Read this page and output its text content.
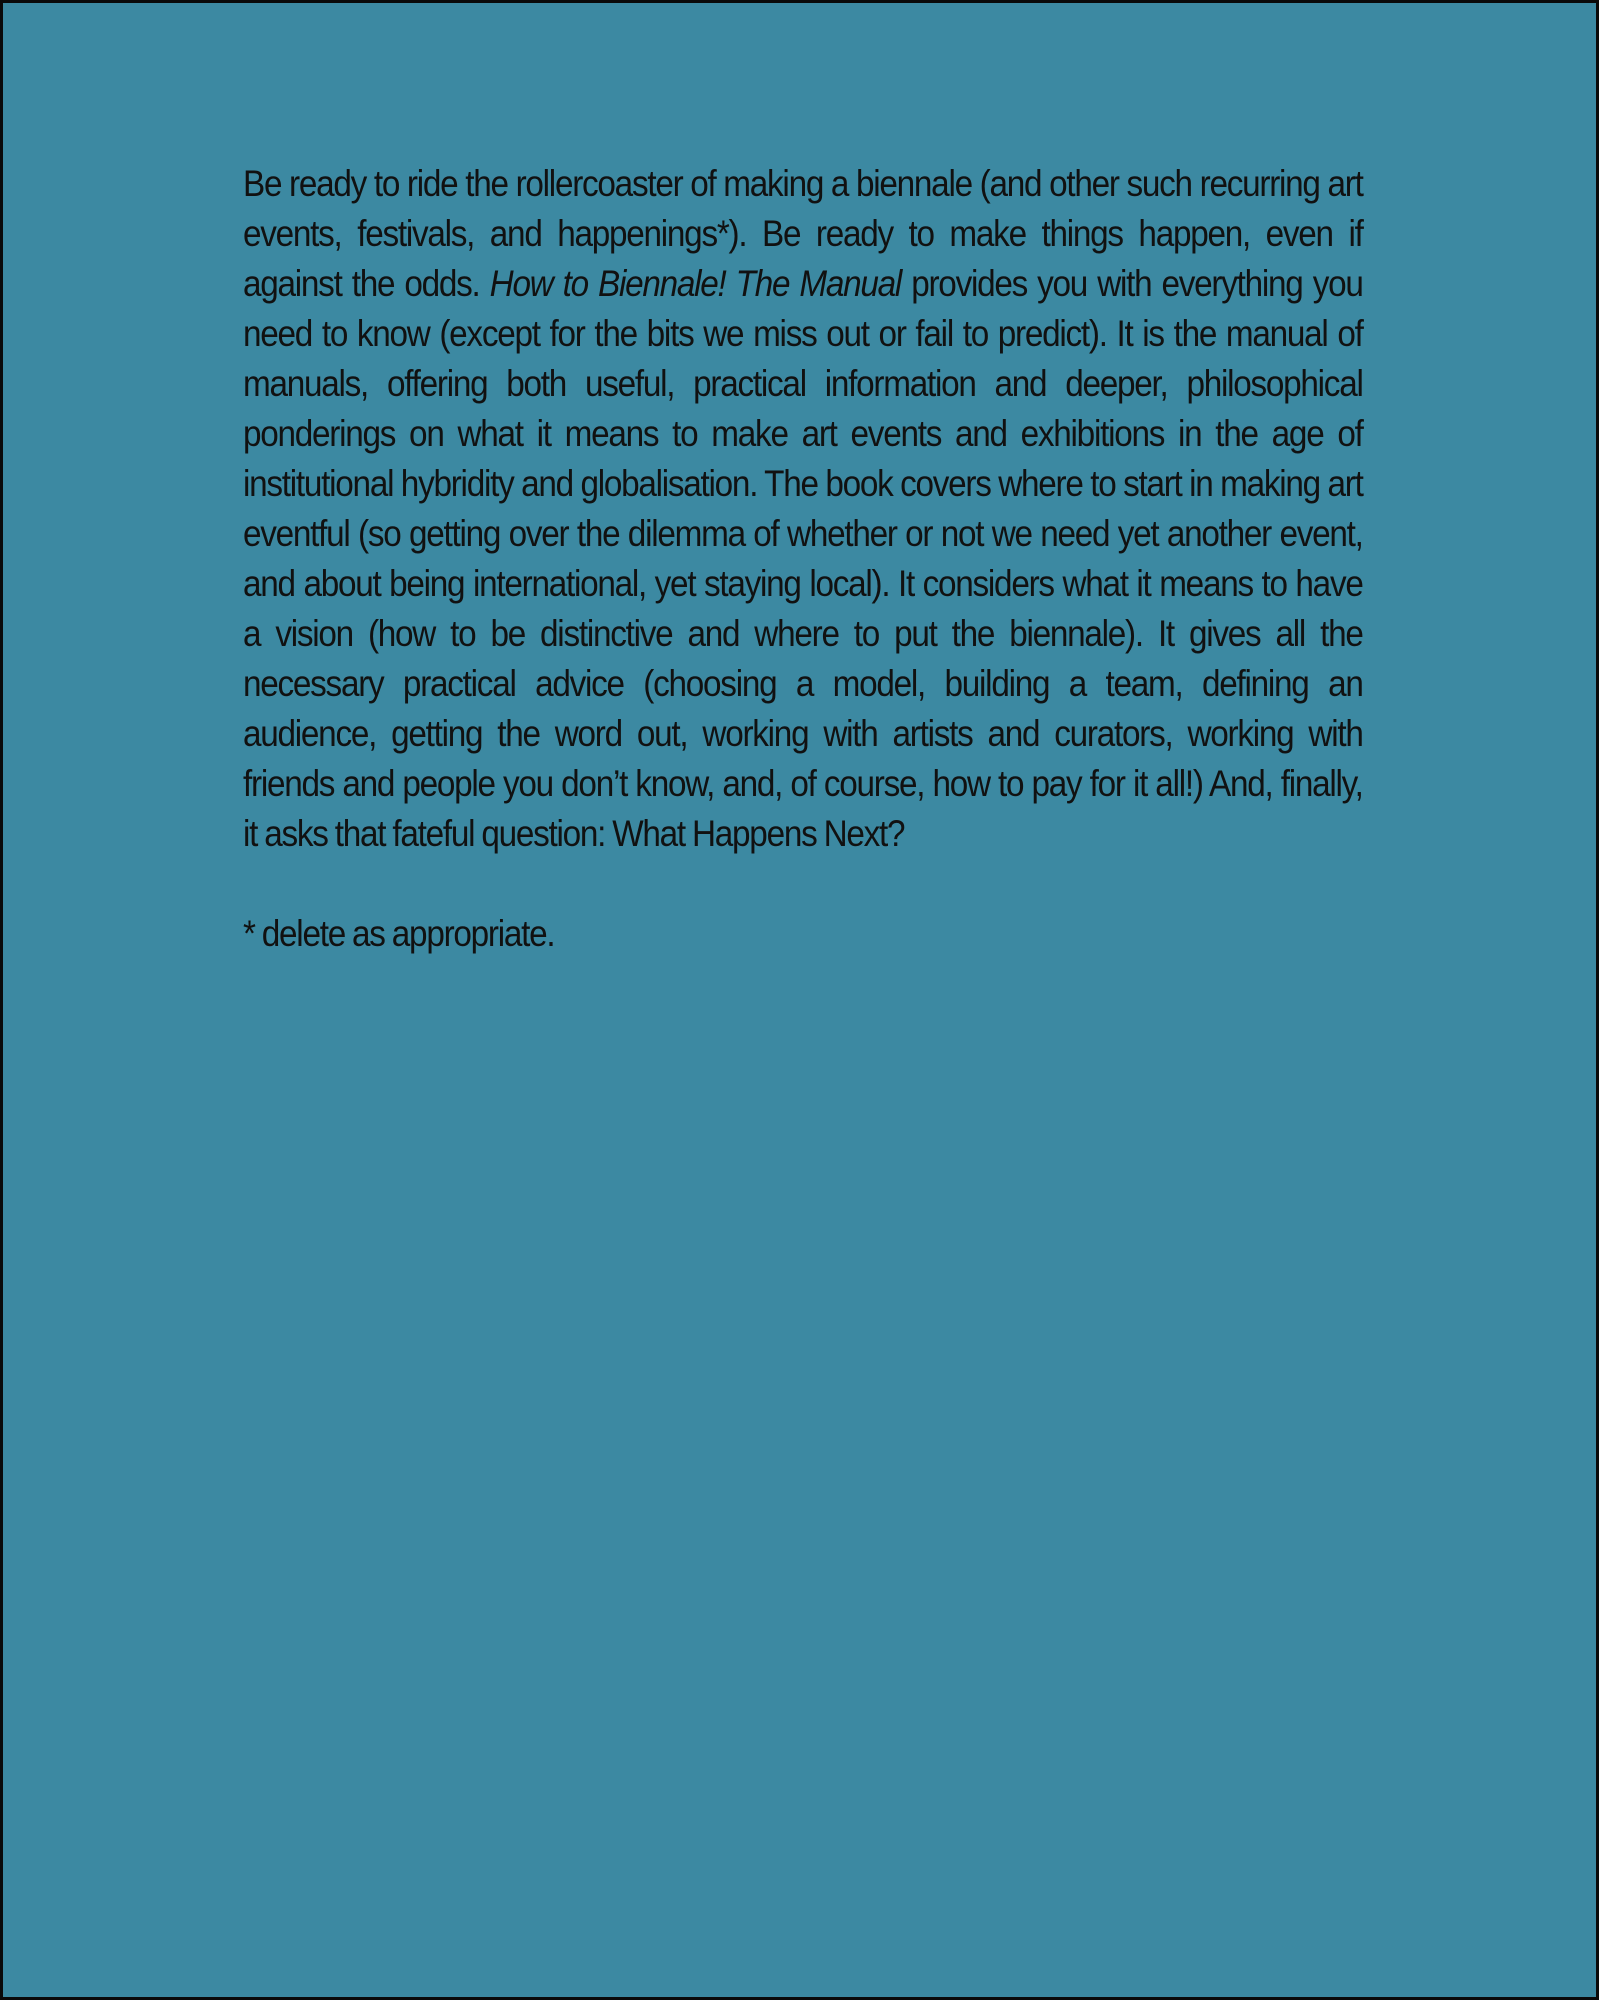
Be ready to ride the rollercoaster of making a biennale (and other such recurring art events, festivals, and happenings*). Be ready to make things happen, even if against the odds. How to Biennale! The Manual provides you with everything you need to know (except for the bits we miss out or fail to predict). It is the manual of manuals, offering both useful, practical information and deeper, philosophical ponderings on what it means to make art events and exhibitions in the age of institutional hybridity and globalisation. The book covers where to start in making art eventful (so getting over the dilemma of whether or not we need yet another event, and about being international, yet staying local). It considers what it means to have a vision (how to be distinctive and where to put the biennale). It gives all the necessary practical advice (choosing a model, building a team, defining an audience, getting the word out, working with artists and curators, working with friends and people you don’t know, and, of course, how to pay for it all!) And, finally, it asks that fateful question: What Happens Next?

* delete as appropriate.
